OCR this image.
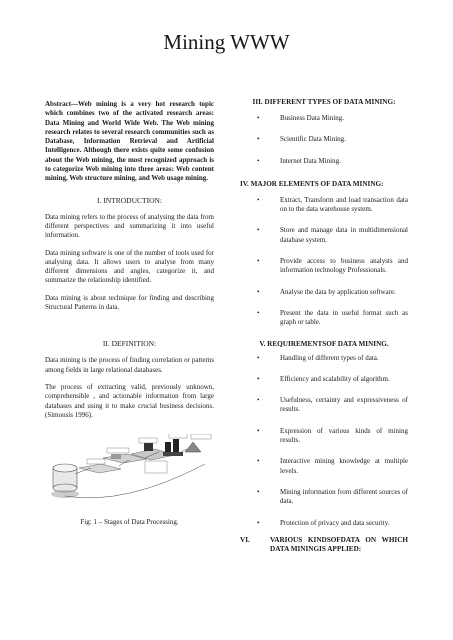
Mining WWW

Abstract—Web mining is a very hot research topic which combines two of the activated research areas: Data Mining and World Wide Web. The Web mining research relates to several research communities such as Database, Information Retrieval and Artificial Intelligence. Although there exists quite some confusion about the Web mining, the most recognized approach is to categorize Web mining into three areas: Web content mining, Web structure mining, and Web usage mining.

I. INTRODUCTION:

Data mining refers to the process of analysing the data from different perspectives and summarizing it into useful information.

Data mining software is one of the number of tools used for analysing data. It allows users to analyse from many different dimensions and angles, categorize it, and summarize the relationship identified.

Data mining is about technique for finding and describing Structural Patterns in data.

II. DEFINITION:

Data mining is the process of finding correlation or patterns among fields in large relational databases.

The process of extracting valid, previously unknown, comprehensible , and actionable information from large databases and using it to make crucial business decisions. (Simousis 1996).

Fig: 1 – Stages of Data Processing.

III. DIFFERENT TYPES OF DATA MINING:

•	Business Data Mining.
•	Scientific Data Mining.
•	Internet Data Mining.

IV. MAJOR ELEMENTS OF DATA MINING:

•	Extract, Transform and load transaction data on to the data warehouse system.
•	Store and manage data in multidimensional database system.
•	Provide access to business analysts and information technology Professionals.
•	Analyse the data by application software.
•	Present the data in useful format such as graph or table.

V. REQUIREMENTSOF DATA MINING.

•	Handling of different types of data.
•	Efficiency and scalability of algorithm.
•	Usefulness, certainty and expressiveness of results.
•	Expression of various kinds of mining results.
•	Interactive mining knowledge at multiple levels.
•	Mining information from different sources of data.
•	Protection of privacy and data security.
VI.	VARIOUS KINDSOFDATA ON WHICH DATA MININGIS APPLIED:
